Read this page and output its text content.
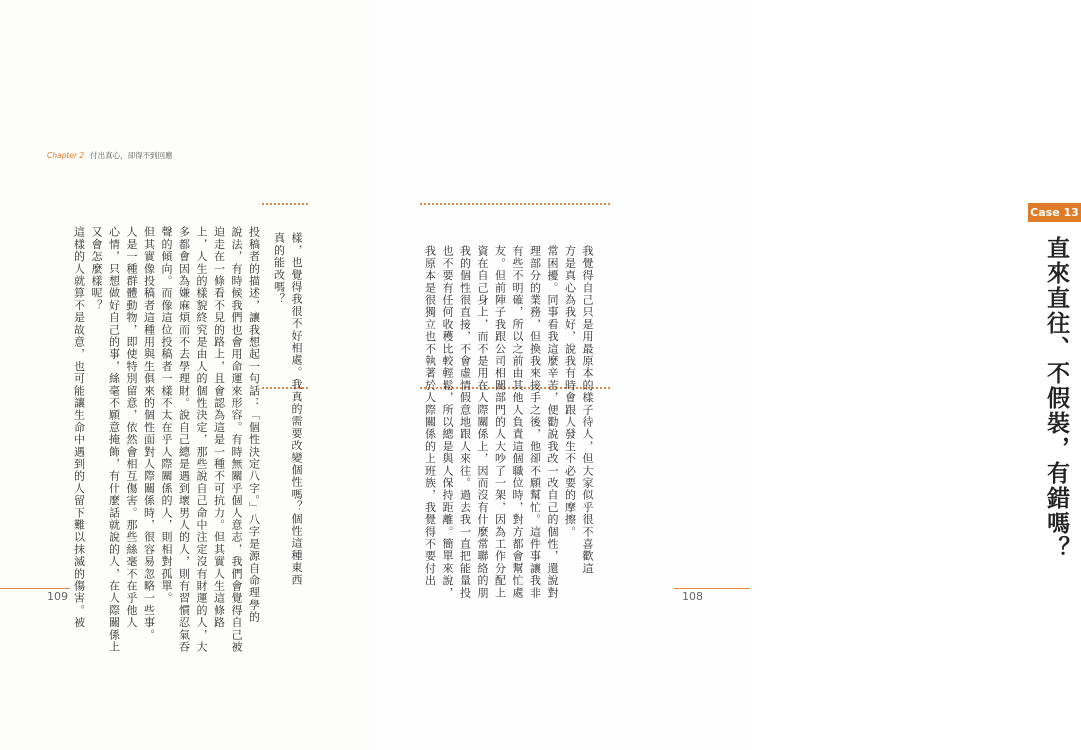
Chapter 2 付出真心，卻得不到回應
投稿者的描述，讓我想起一句話：「個性決定八字。」八字是源自命理學的
說法，有時候我們也會用命運來形容。有時無關乎個人意志，我們會覺得自己被
迫走在一條看不見的路上，且會認為這是一種不可抗力。但其實人生這條路
上，人生的樣貌終究是由人的個性決定，那些說自己命中注定沒有財運的人，大
多都會因為嫌麻煩而不去學理財。說自己總是遇到壞男人的人，則有習慣忍氣吞
聲的傾向。而像這位投稿者一樣不太在乎人際關係的人，則相對孤單。
但其實像投稿者這種用與生俱來的個性面對人際關係時，很容易忽略一些事。
人是一種群體動物，即使特別留意，依然會相互傷害。那些絲毫不在乎他人
心情，只想做好自己的事，絲毫不願意掩飾，有什麼話就說的人，在人際關係上
又會怎麼樣呢？
這樣的人就算不是故意，也可能讓生命中遇到的人留下難以抹滅的傷害。被	樣，也覺得我很不好相處。我真的需要改變個性嗎？個性這種東西
真的能改嗎？
109
Case 13
直來直往、不假裝，有錯嗎？
108
我覺得自己只是用最原本的樣子待人，但大家似乎很不喜歡這
方是真心為我好，說我有時會跟人發生不必要的摩擦。
常困擾。同事看我這麼辛苦，便勸說我改一改自己的個性，還說對
理部分的業務，但換我來接手之後，他卻不願幫忙。這件事讓我非
有些不明確，所以之前由其他人負責這個職位時，對方都會幫忙處
友。但前陣子我跟公司相關部門的人大吵了一架，因為工作分配上
資在自己身上，而不是用在人際關係上，因而沒有什麼常聯絡的朋
我的個性很直接，不會虛情假意地跟人來往。過去我一直把能量投
也不要有任何收穫比較輕鬆，所以總是與人保持距離。簡單來說，
我原本是很獨立也不執著於人際關係的上班族，我覺得不要付出
